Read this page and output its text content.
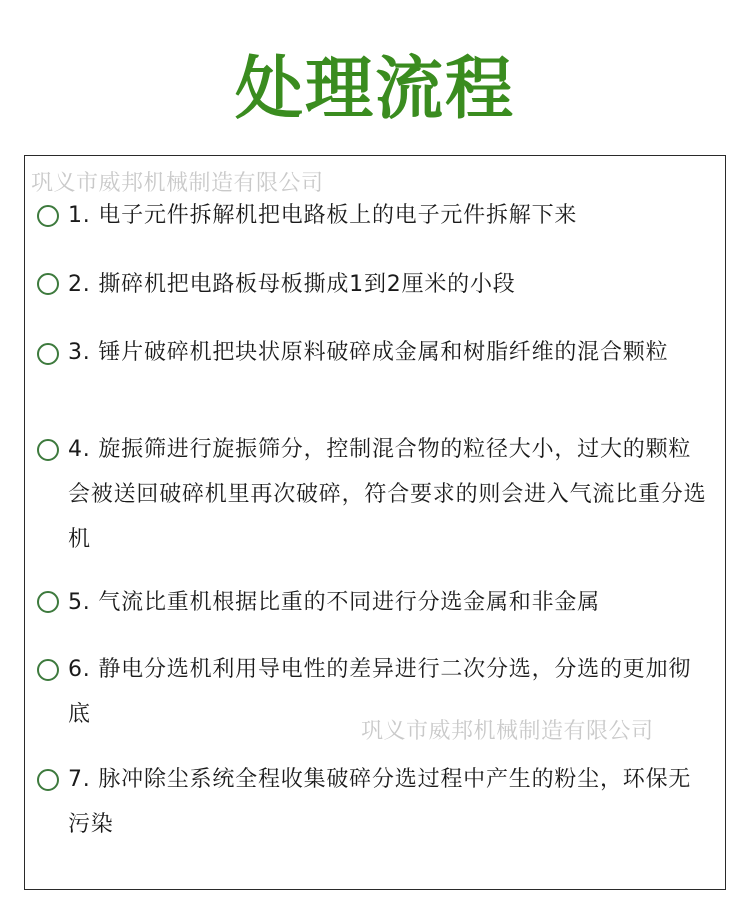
处理流程
巩义市威邦机械制造有限公司
巩义市威邦机械制造有限公司
1. 电子元件拆解机把电路板上的电子元件拆解下来
2. 撕碎机把电路板母板撕成1到2厘米的小段
3. 锤片破碎机把块状原料破碎成金属和树脂纤维的混合颗粒
4. 旋振筛进行旋振筛分，控制混合物的粒径大小，过大的颗粒会被送回破碎机里再次破碎，符合要求的则会进入气流比重分选机
5. 气流比重机根据比重的不同进行分选金属和非金属
6. 静电分选机利用导电性的差异进行二次分选，分选的更加彻底
7. 脉冲除尘系统全程收集破碎分选过程中产生的粉尘，环保无污染
